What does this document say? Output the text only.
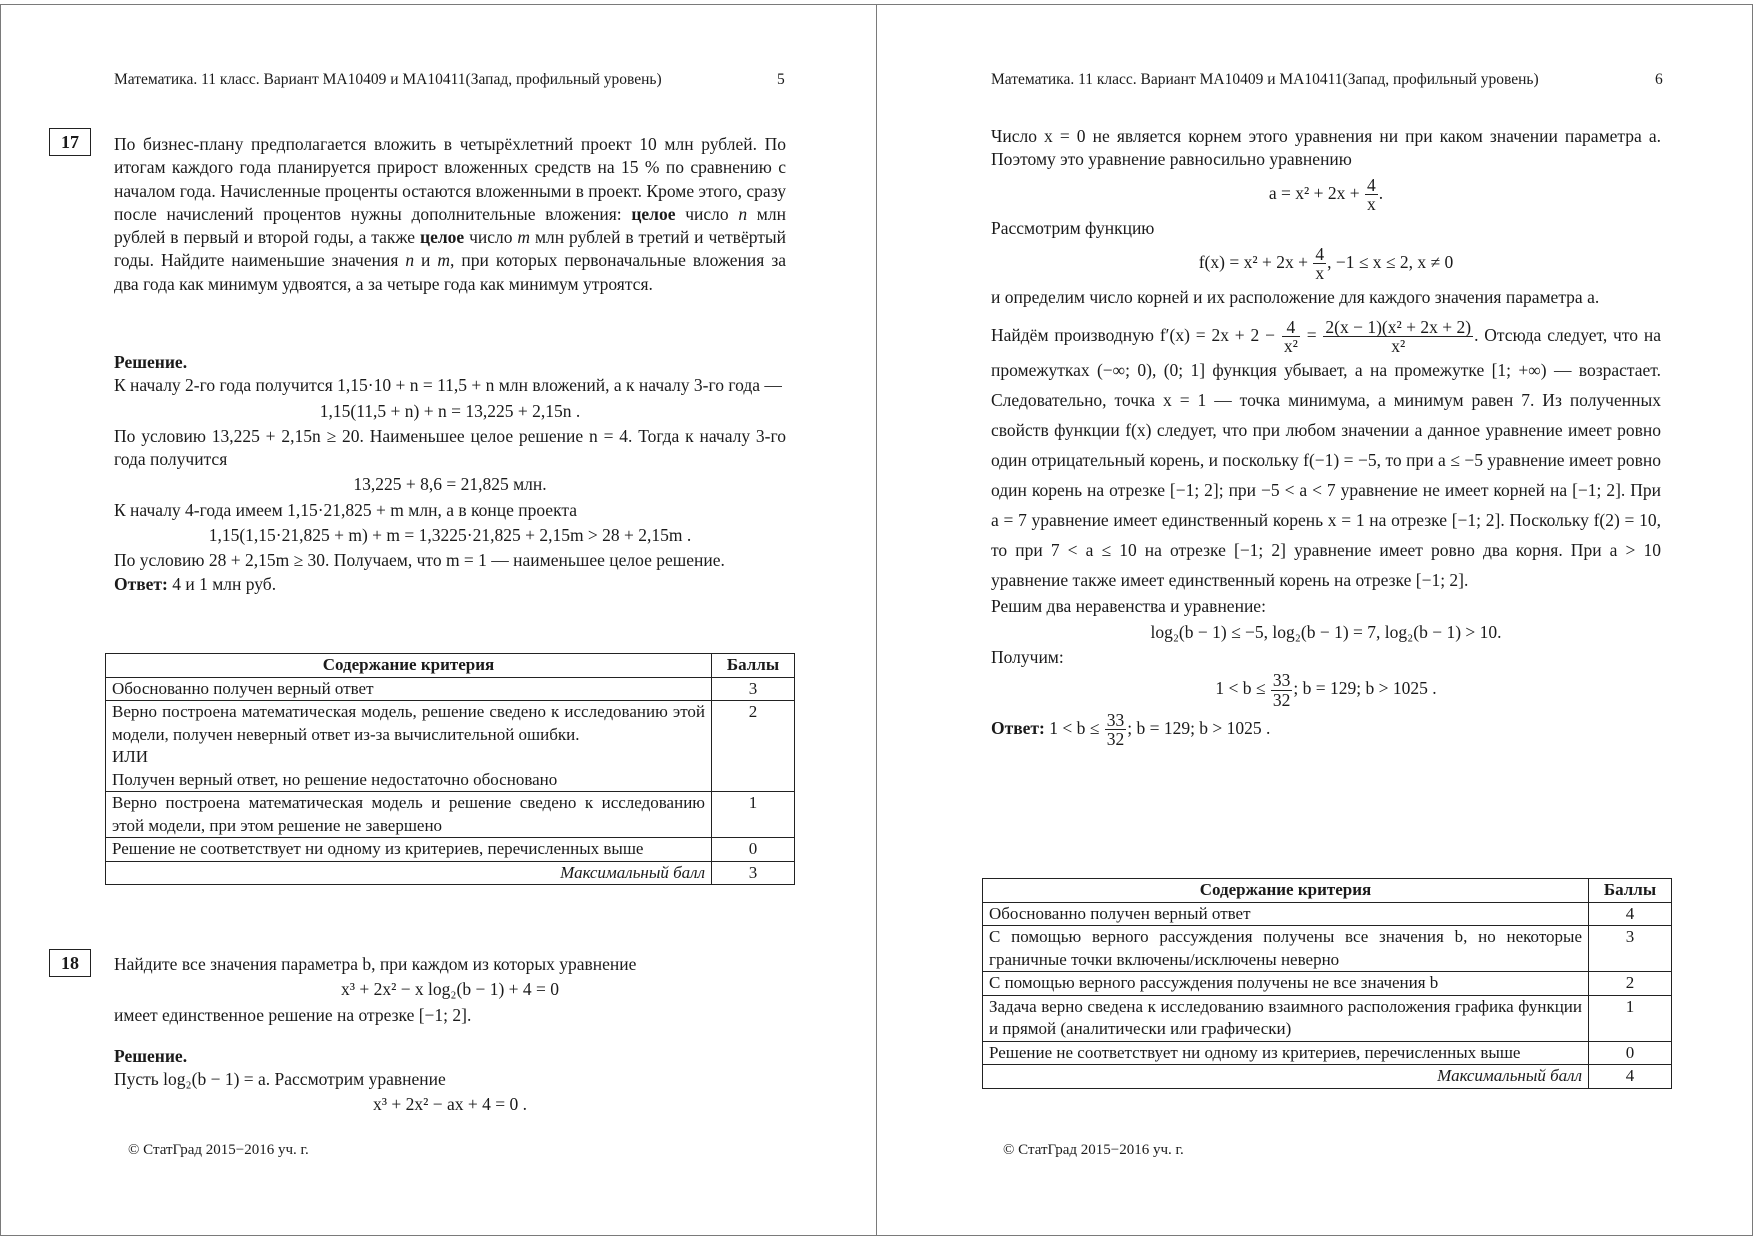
Математика. 11 класс. Вариант МА10409 и МА10411(Запад, профильный уровень)	5
17	По бизнес-плану предполагается вложить в четырёхлетний проект 10 млн рублей. По итогам каждого года планируется прирост вложенных средств на 15 % по сравнению с началом года. Начисленные проценты остаются вложенными в проект. Кроме этого, сразу после начислений процентов нужны дополнительные вложения: целое число n млн рублей в первый и второй годы, а также целое число m млн рублей в третий и четвёртый годы. Найдите наименьшие значения n и m, при которых первоначальные вложения за два года как минимум удвоятся, а за четыре года как минимум утроятся.
Решение.
К началу 2-го года получится 1,15·10 + n = 11,5 + n млн вложений, а к началу 3-го года —
1,15(11,5 + n) + n = 13,225 + 2,15n .
По условию 13,225 + 2,15n ≥ 20. Наименьшее целое решение n = 4. Тогда к началу 3-го года получится
13,225 + 8,6 = 21,825 млн.
К началу 4-года имеем 1,15·21,825 + m млн, а в конце проекта
1,15(1,15·21,825 + m) + m = 1,3225·21,825 + 2,15m > 28 + 2,15m .
По условию 28 + 2,15m ≥ 30. Получаем, что m = 1 — наименьшее целое решение.
Ответ: 4 и 1 млн руб.
Содержание критерия	Баллы
Обоснованно получен верный ответ	3

Верно построена математическая модель, решение сведено к исследованию этой модели, получен неверный ответ из-за вычислительной ошибки.
ИЛИ
Получен верный ответ, но решение недостаточно обосновано	2
Верно построена математическая модель и решение сведено к исследованию этой модели, при этом решение не завершено	1
Решение не соответствует ни одному из критериев, перечисленных выше	0
Максимальный балл	3
18	Найдите все значения параметра b, при каждом из которых уравнение
x³ + 2x² − x log₂(b − 1) + 4 = 0
имеет единственное решение на отрезке [−1; 2].
Решение.
Пусть log₂(b − 1) = a. Рассмотрим уравнение
x³ + 2x² − ax + 4 = 0 .
© СтатГрад 2015−2016 уч. г.
Математика. 11 класс. Вариант МА10409 и МА10411(Запад, профильный уровень)	6
Число x = 0 не является корнем этого уравнения ни при каком значении параметра a. Поэтому это уравнение равносильно уравнению
$a = x^2 + 2x + \frac{4}{x}$ .
Рассмотрим функцию
$f(x) = x^2 + 2x + \frac{4}{x}$ , −1 ≤ x ≤ 2, x ≠ 0
и определим число корней и их расположение для каждого значения параметра a.
Найдём производную $f'(x) = 2x + 2 - \frac{4}{\text{x²}} = \frac{\text{2(x − 1)(x² + 2x + 2)}}{\text{x²}}$ . Отсюда следует, что на промежутках (−∞; 0), (0; 1] функция убывает, а на промежутке [1; +∞) — возрастает. Следовательно, точка x = 1 — точка минимума, а минимум равен 7. Из полученных свойств функции f(x) следует, что при любом значении a данное уравнение имеет ровно один отрицательный корень, и поскольку f(−1) = −5, то при a ≤ −5 уравнение имеет ровно один корень на отрезке [−1; 2]; при −5 < a < 7 уравнение не имеет корней на [−1; 2]. При a = 7 уравнение имеет единственный корень x = 1 на отрезке [−1; 2]. Поскольку f(2) = 10, то при 7 < a ≤ 10 на отрезке [−1; 2] уравнение имеет ровно два корня. При a > 10 уравнение также имеет единственный корень на отрезке [−1; 2].
Решим два неравенства и уравнение:
log₂(b − 1) ≤ −5, log₂(b − 1) = 7, log₂(b − 1) > 10.
Получим:
$1 < b \le \frac{33}{32}$ ; b = 129; b > 1025 .
Ответ: $1 < b \le \frac{33}{32}$ ; b = 129; b > 1025 .
Содержание критерия	Баллы
Обоснованно получен верный ответ	4
С помощью верного рассуждения получены все значения b, но некоторые граничные точки включены/исключены неверно	3
С помощью верного рассуждения получены не все значения b	2
Задача верно сведена к исследованию взаимного расположения графика функции и прямой (аналитически или графически)	1
Решение не соответствует ни одному из критериев, перечисленных выше	0
Максимальный балл	4
© СтатГрад 2015−2016 уч. г.
